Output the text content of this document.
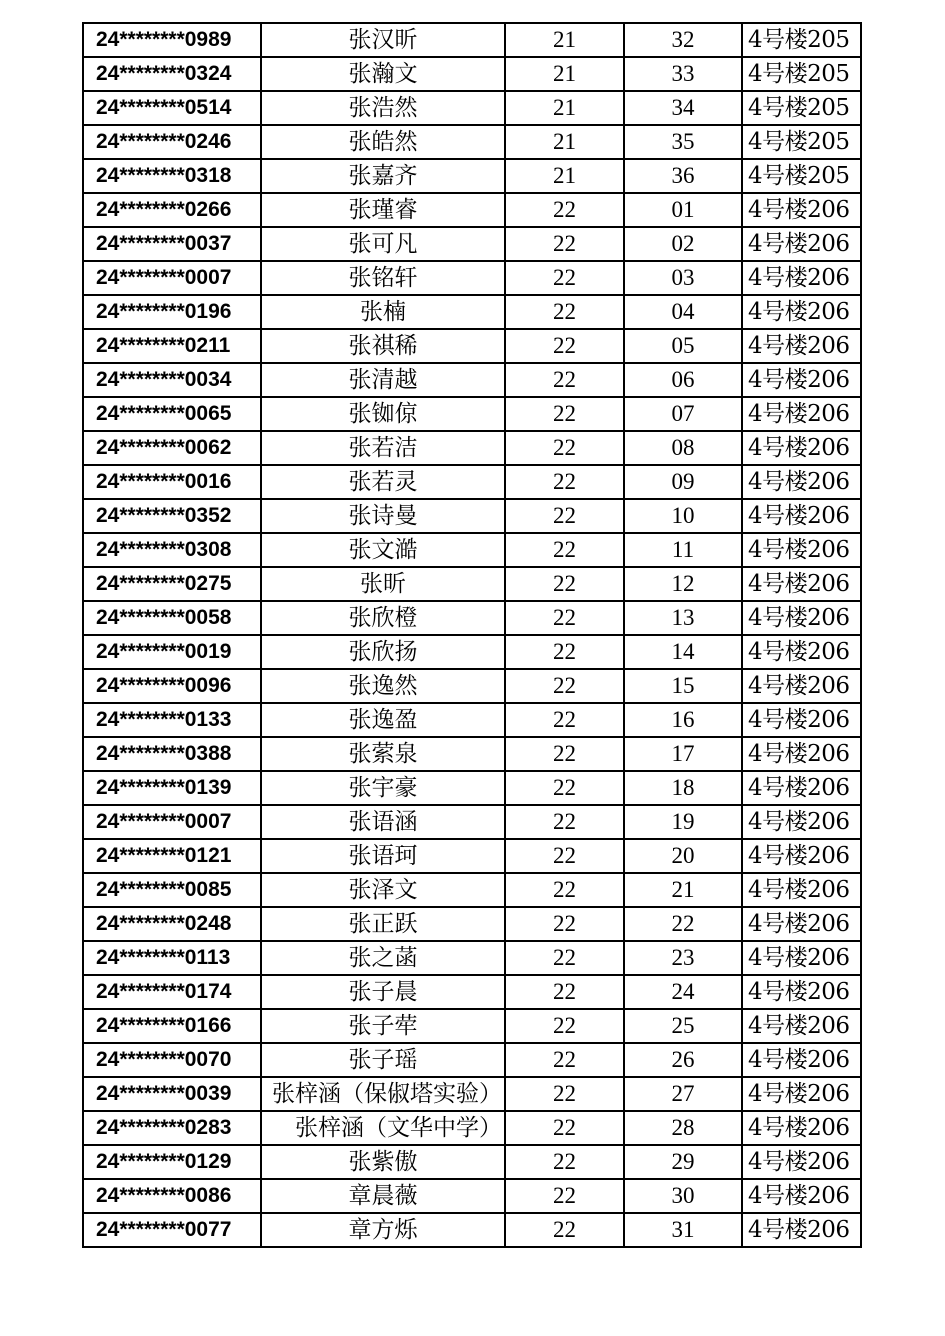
24********0989	张汉昕	21	32	4号楼205
24********0324	张瀚文	21	33	4号楼205
24********0514	张浩然	21	34	4号楼205
24********0246	张皓然	21	35	4号楼205
24********0318	张嘉齐	21	36	4号楼205
24********0266	张瑾睿	22	01	4号楼206
24********0037	张可凡	22	02	4号楼206
24********0007	张铭轩	22	03	4号楼206
24********0196	张楠	22	04	4号楼206
24********0211	张祺稀	22	05	4号楼206
24********0034	张清越	22	06	4号楼206
24********0065	张铷倞	22	07	4号楼206
24********0062	张若洁	22	08	4号楼206
24********0016	张若灵	22	09	4号楼206
24********0352	张诗曼	22	10	4号楼206
24********0308	张文澔	22	11	4号楼206
24********0275	张昕	22	12	4号楼206
24********0058	张欣橙	22	13	4号楼206
24********0019	张欣扬	22	14	4号楼206
24********0096	张逸然	22	15	4号楼206
24********0133	张逸盈	22	16	4号楼206
24********0388	张萦泉	22	17	4号楼206
24********0139	张宇豪	22	18	4号楼206
24********0007	张语涵	22	19	4号楼206
24********0121	张语珂	22	20	4号楼206
24********0085	张泽文	22	21	4号楼206
24********0248	张正跃	22	22	4号楼206
24********0113	张之菡	22	23	4号楼206
24********0174	张子晨	22	24	4号楼206
24********0166	张子荦	22	25	4号楼206
24********0070	张子瑶	22	26	4号楼206
24********0039	张梓涵（保俶塔实验）	22	27	4号楼206
24********0283	张梓涵（文华中学）	22	28	4号楼206
24********0129	张紫傲	22	29	4号楼206
24********0086	章晨薇	22	30	4号楼206
24********0077	章方烁	22	31	4号楼206
